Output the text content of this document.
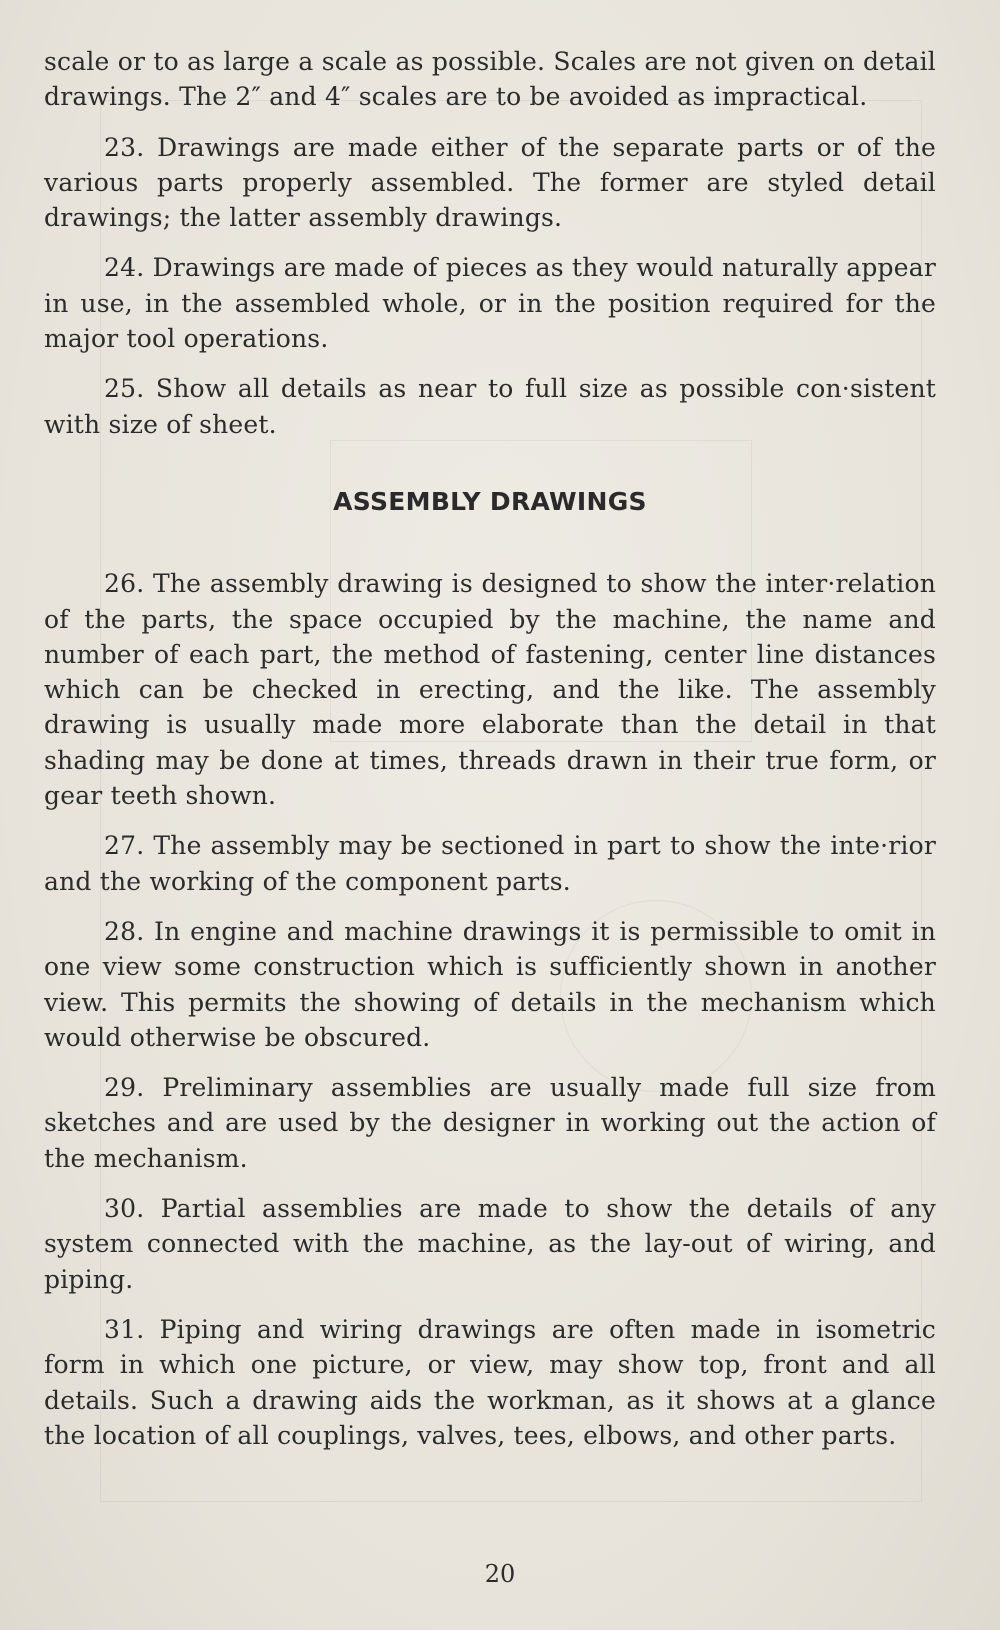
scale or to as large a scale as possible. Scales are not given on detail drawings. The 2″ and 4″ scales are to be avoided as impractical.

23. Drawings are made either of the separate parts or of the various parts properly assembled. The former are styled detail drawings; the latter assembly drawings.

24. Drawings are made of pieces as they would naturally appear in use, in the assembled whole, or in the position required for the major tool operations.

25. Show all details as near to full size as possible con·sistent with size of sheet.

ASSEMBLY DRAWINGS

26. The assembly drawing is designed to show the inter·relation of the parts, the space occupied by the machine, the name and number of each part, the method of fastening, center line distances which can be checked in erecting, and the like. The assembly drawing is usually made more elaborate than the detail in that shading may be done at times, threads drawn in their true form, or gear teeth shown.

27. The assembly may be sectioned in part to show the inte·rior and the working of the component parts.

28. In engine and machine drawings it is permissible to omit in one view some construction which is sufficiently shown in another view. This permits the showing of details in the mechanism which would otherwise be obscured.

29. Preliminary assemblies are usually made full size from sketches and are used by the designer in working out the action of the mechanism.

30. Partial assemblies are made to show the details of any system connected with the machine, as the lay-out of wiring, and piping.

31. Piping and wiring drawings are often made in isometric form in which one picture, or view, may show top, front and all details. Such a drawing aids the workman, as it shows at a glance the location of all couplings, valves, tees, elbows, and other parts.

20
